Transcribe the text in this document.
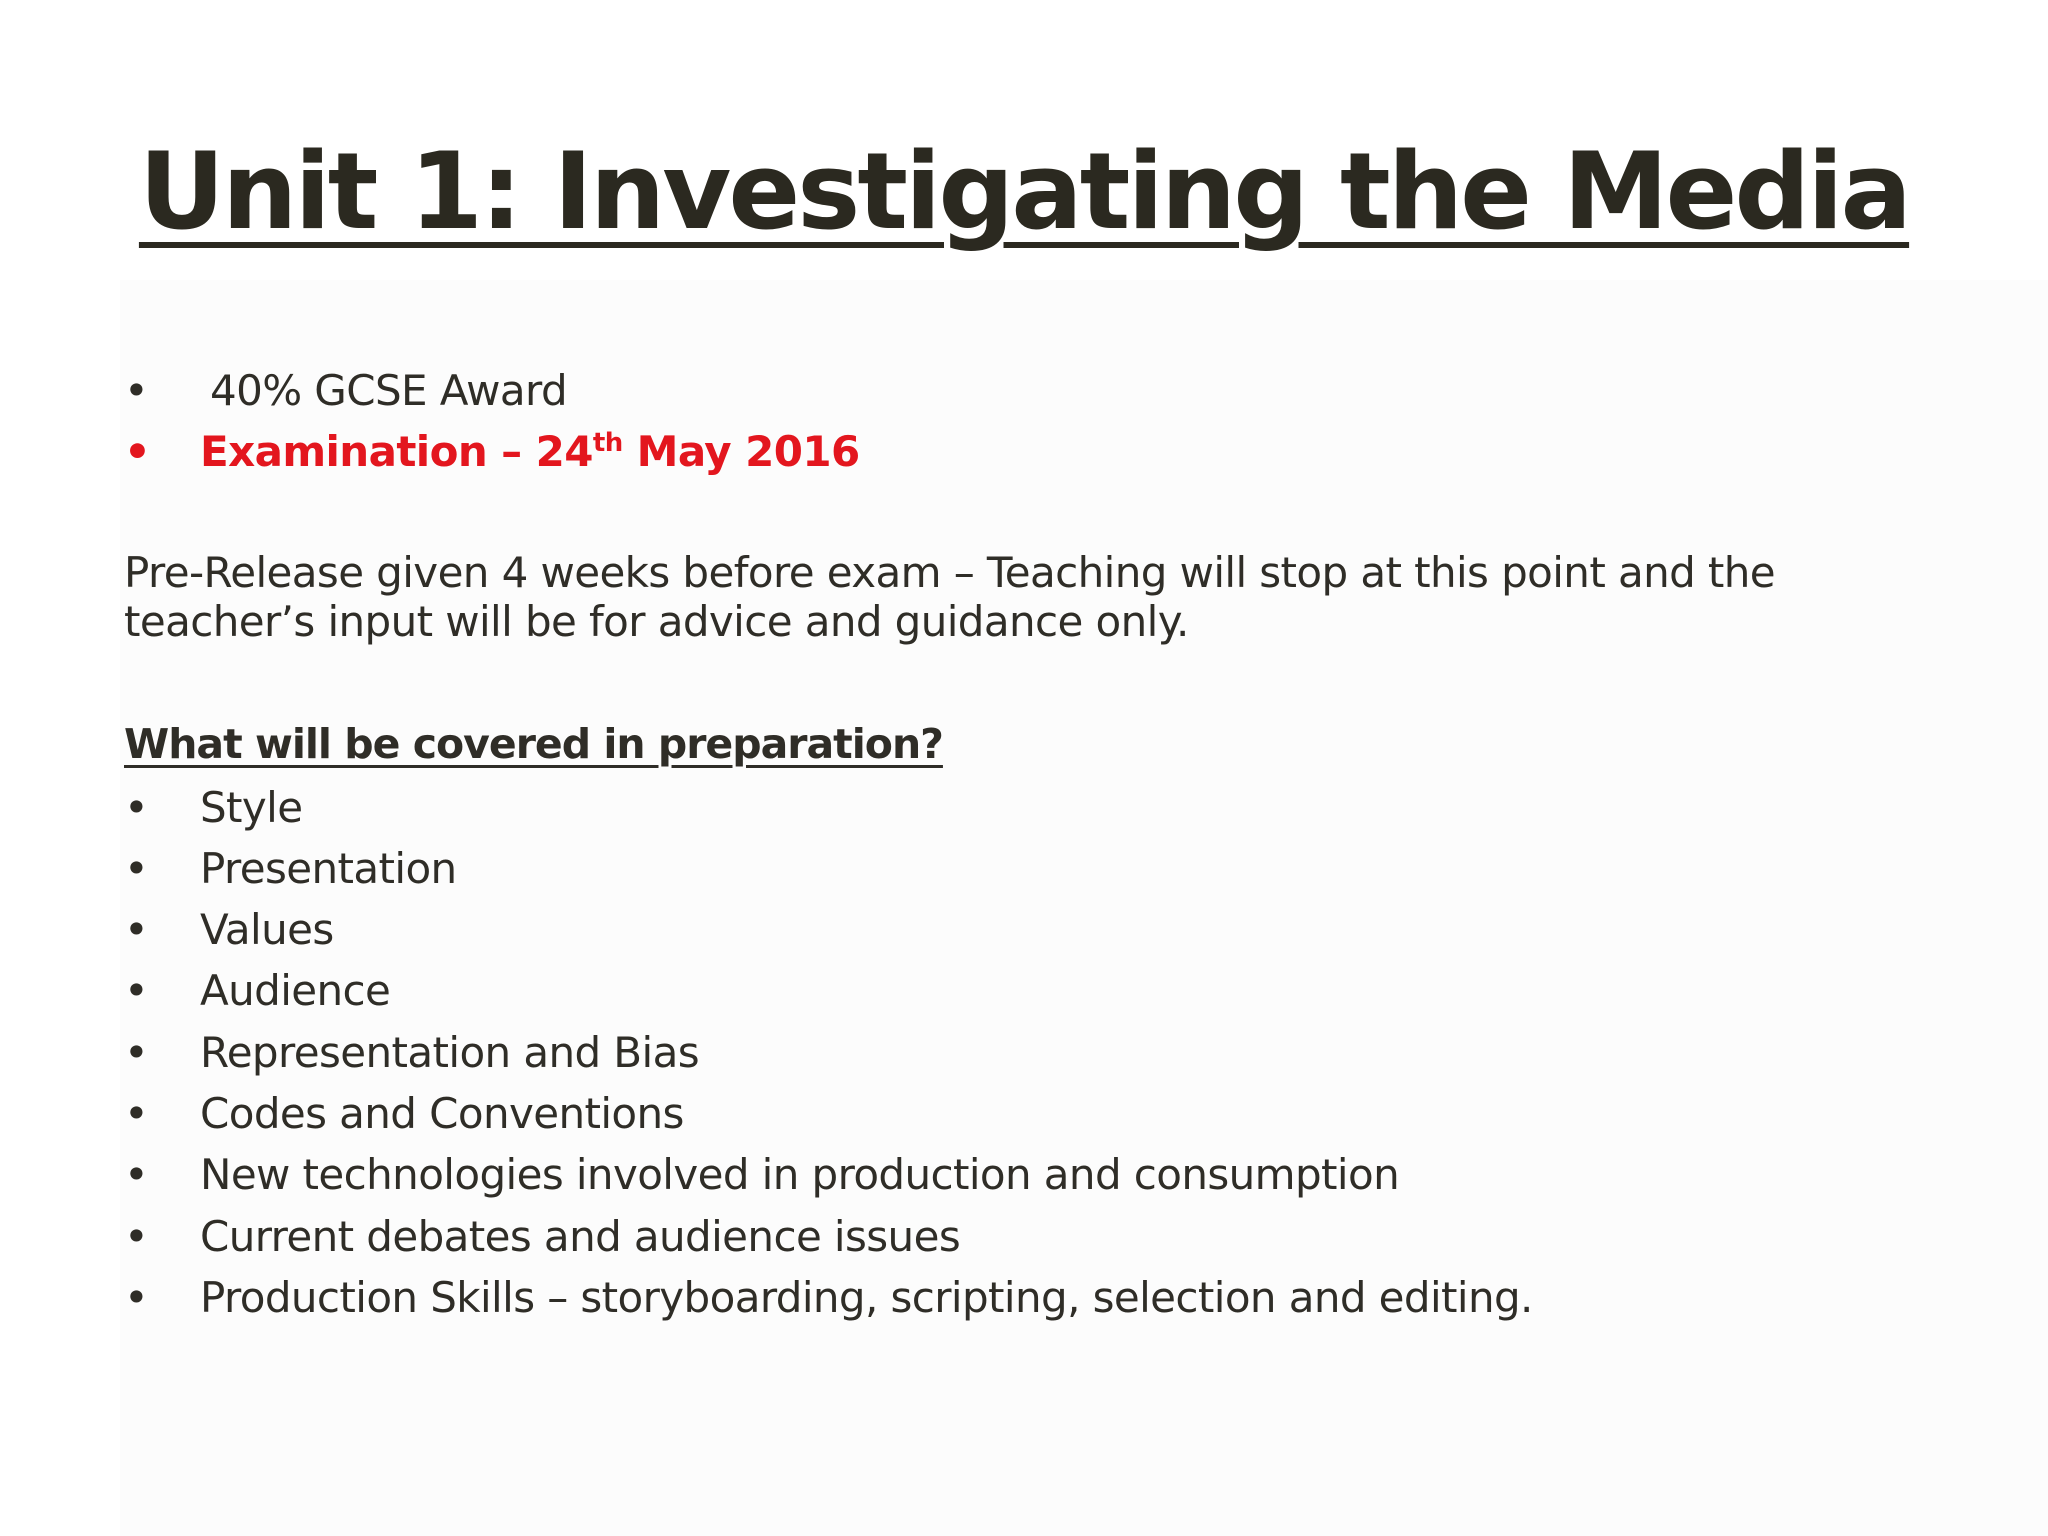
Unit 1: Investigating the Media
• 40% GCSE Award
• Examination – 24th May 2016
Pre-Release given 4 weeks before exam – Teaching will stop at this point and the
teacher’s input will be for advice and guidance only.
What will be covered in preparation?
• Style
• Presentation
• Values
• Audience
• Representation and Bias
• Codes and Conventions
• New technologies involved in production and consumption
• Current debates and audience issues
• Production Skills – storyboarding, scripting, selection and editing.
